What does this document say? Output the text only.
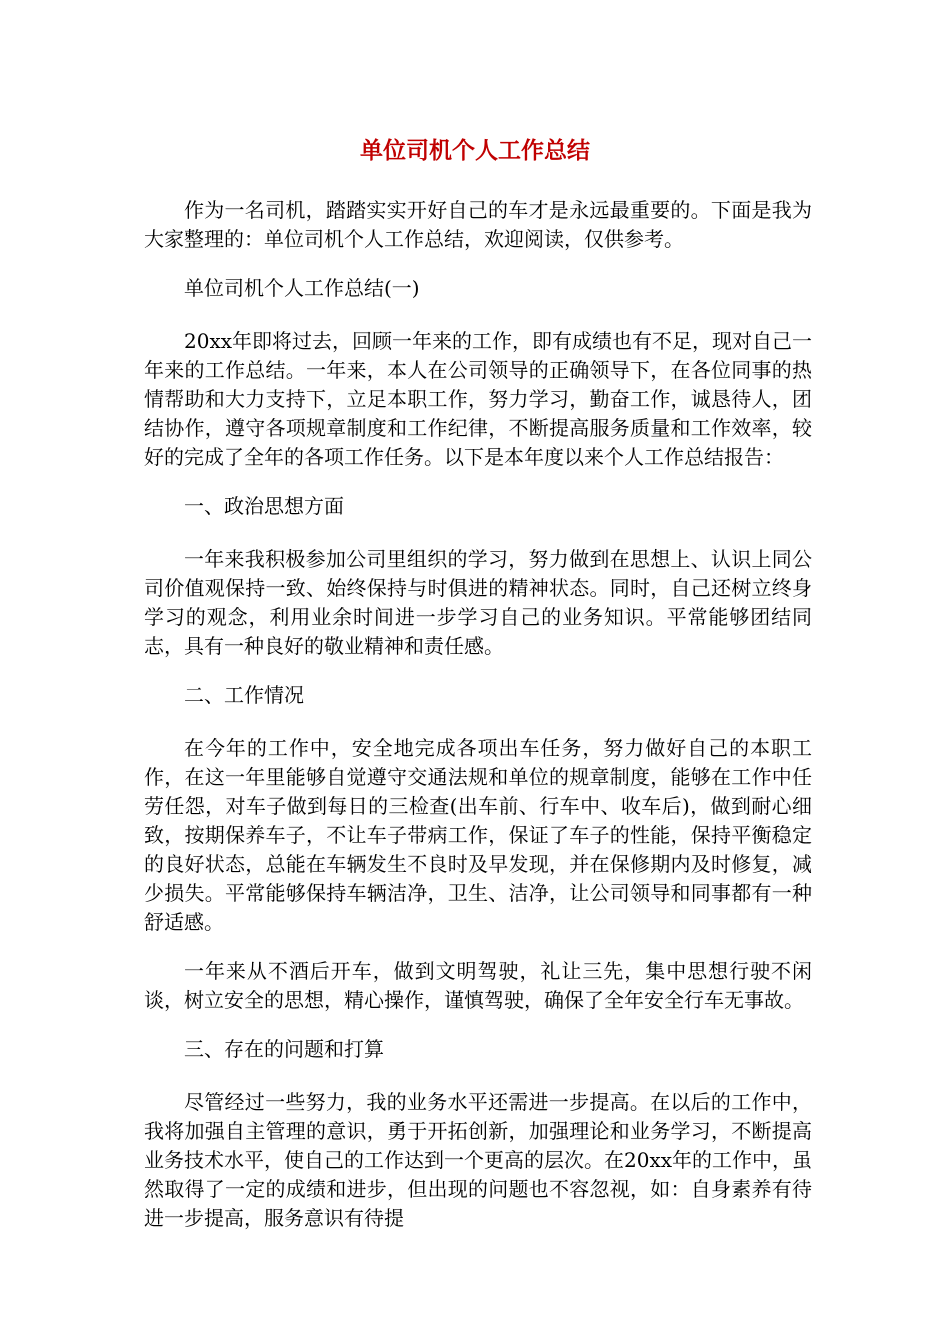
单位司机个人工作总结

作为一名司机，踏踏实实开好自己的车才是永远最重要的。下面是我为大家整理的：单位司机个人工作总结，欢迎阅读，仅供参考。

单位司机个人工作总结(一)

20xx年即将过去，回顾一年来的工作，即有成绩也有不足，现对自己一年来的工作总结。一年来，本人在公司领导的正确领导下，在各位同事的热情帮助和大力支持下，立足本职工作，努力学习，勤奋工作，诚恳待人，团结协作，遵守各项规章制度和工作纪律，不断提高服务质量和工作效率，较好的完成了全年的各项工作任务。以下是本年度以来个人工作总结报告：

一、政治思想方面

一年来我积极参加公司里组织的学习，努力做到在思想上、认识上同公司价值观保持一致、始终保持与时俱进的精神状态。同时，自己还树立终身学习的观念，利用业余时间进一步学习自己的业务知识。平常能够团结同志，具有一种良好的敬业精神和责任感。

二、工作情况

在今年的工作中，安全地完成各项出车任务，努力做好自己的本职工作，在这一年里能够自觉遵守交通法规和单位的规章制度，能够在工作中任劳任怨，对车子做到每日的三检查(出车前、行车中、收车后)，做到耐心细致，按期保养车子，不让车子带病工作，保证了车子的性能，保持平衡稳定的良好状态，总能在车辆发生不良时及早发现，并在保修期内及时修复，减少损失。平常能够保持车辆洁净，卫生、洁净，让公司领导和同事都有一种舒适感。

一年来从不酒后开车，做到文明驾驶，礼让三先，集中思想行驶不闲谈，树立安全的思想，精心操作，谨慎驾驶，确保了全年安全行车无事故。

三、存在的问题和打算

尽管经过一些努力，我的业务水平还需进一步提高。在以后的工作中，我将加强自主管理的意识，勇于开拓创新，加强理论和业务学习，不断提高业务技术水平，使自己的工作达到一个更高的层次。在20xx年的工作中，虽然取得了一定的成绩和进步，但出现的问题也不容忽视，如：自身素养有待进一步提高，服务意识有待提
